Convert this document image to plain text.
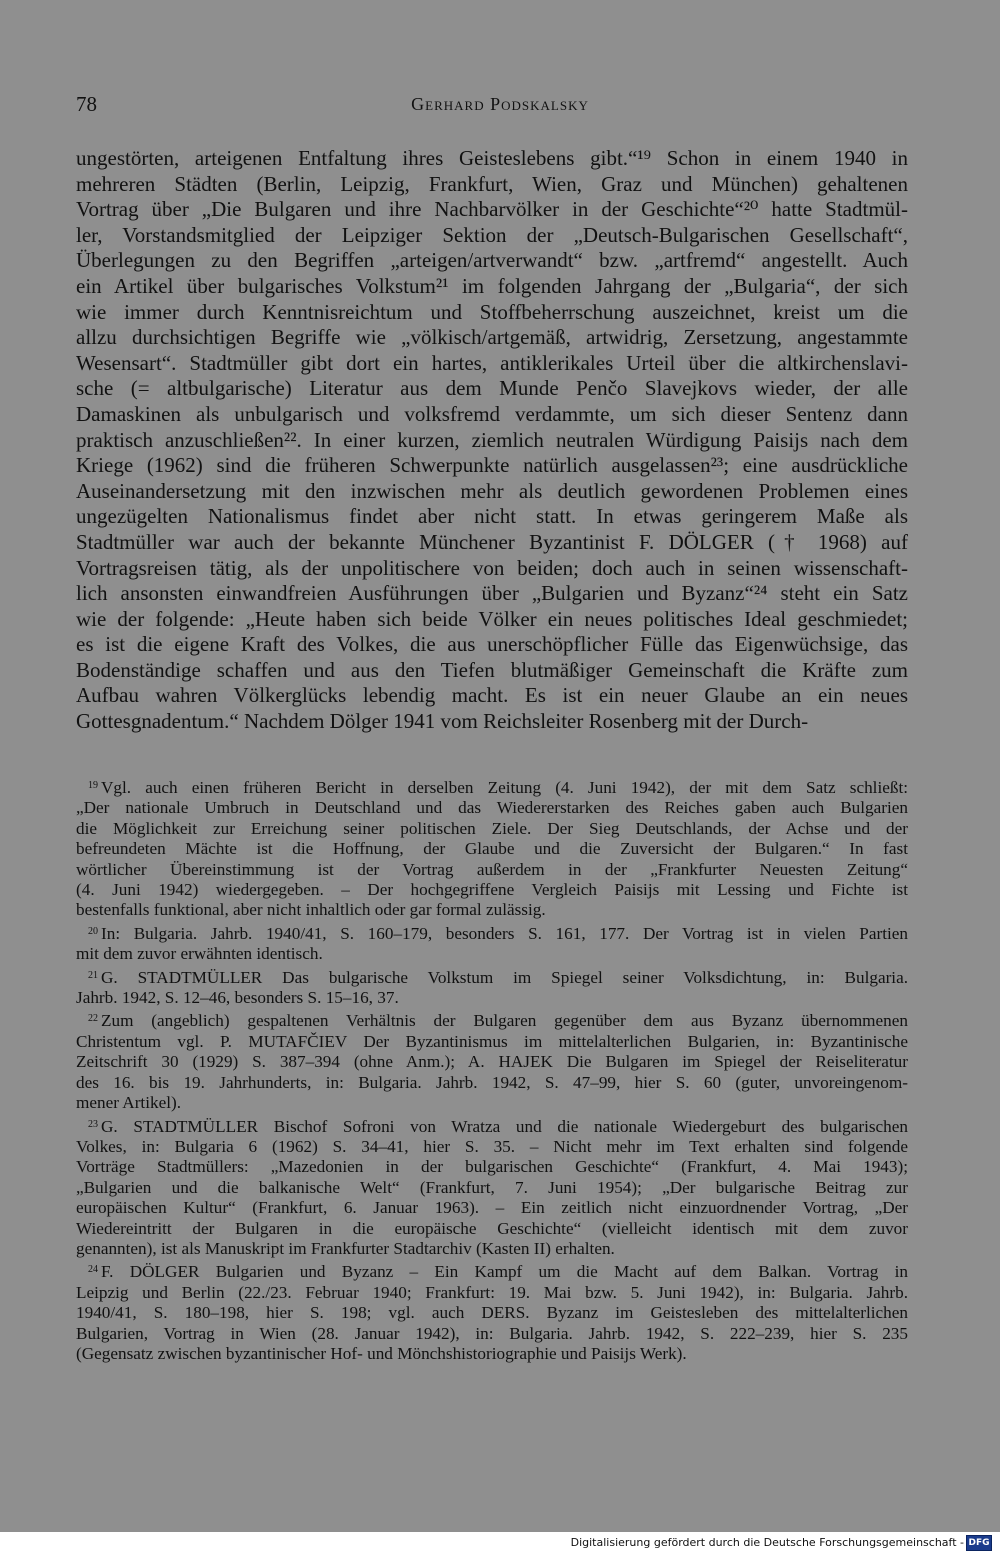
78	Gerhard Podskalsky

ungestörten, arteigenen Entfaltung ihres Geisteslebens gibt.“¹⁹ Schon in einem 1940 in
mehreren Städten (Berlin, Leipzig, Frankfurt, Wien, Graz und München) gehaltenen
Vortrag über „Die Bulgaren und ihre Nachbarvölker in der Geschichte“²⁰ hatte Stadtmül-
ler, Vorstandsmitglied der Leipziger Sektion der „Deutsch-Bulgarischen Gesellschaft“,
Überlegungen zu den Begriffen „arteigen/artverwandt“ bzw. „artfremd“ angestellt. Auch
ein Artikel über bulgarisches Volkstum²¹ im folgenden Jahrgang der „Bulgaria“, der sich
wie immer durch Kenntnisreichtum und Stoffbeherrschung auszeichnet, kreist um die
allzu durchsichtigen Begriffe wie „völkisch/artgemäß, artwidrig, Zersetzung, angestammte
Wesensart“. Stadtmüller gibt dort ein hartes, antiklerikales Urteil über die altkirchenslavi-
sche (= altbulgarische) Literatur aus dem Munde Penčo Slavejkovs wieder, der alle
Damaskinen als unbulgarisch und volksfremd verdammte, um sich dieser Sentenz dann
praktisch anzuschließen²². In einer kurzen, ziemlich neutralen Würdigung Paisijs nach dem
Kriege (1962) sind die früheren Schwerpunkte natürlich ausgelassen²³; eine ausdrückliche
Auseinandersetzung mit den inzwischen mehr als deutlich gewordenen Problemen eines
ungezügelten Nationalismus findet aber nicht statt. In etwas geringerem Maße als
Stadtmüller war auch der bekannte Münchener Byzantinist F. DÖLGER († 1968) auf
Vortragsreisen tätig, als der unpolitischere von beiden; doch auch in seinen wissenschaft-
lich ansonsten einwandfreien Ausführungen über „Bulgarien und Byzanz“²⁴ steht ein Satz
wie der folgende: „Heute haben sich beide Völker ein neues politisches Ideal geschmiedet;
es ist die eigene Kraft des Volkes, die aus unerschöpflicher Fülle das Eigenwüchsige, das
Bodenständige schaffen und aus den Tiefen blutmäßiger Gemeinschaft die Kräfte zum
Aufbau wahren Völkerglücks lebendig macht. Es ist ein neuer Glaube an ein neues
Gottesgnadentum.“ Nachdem Dölger 1941 vom Reichsleiter Rosenberg mit der Durch-

$^{19}$ Vgl. auch einen früheren Bericht in derselben Zeitung (4. Juni 1942), der mit dem Satz schließt:
„Der nationale Umbruch in Deutschland und das Wiedererstarken des Reiches gaben auch Bulgarien
die Möglichkeit zur Erreichung seiner politischen Ziele. Der Sieg Deutschlands, der Achse und der
befreundeten Mächte ist die Hoffnung, der Glaube und die Zuversicht der Bulgaren.“ In fast
wörtlicher Übereinstimmung ist der Vortrag außerdem in der „Frankfurter Neuesten Zeitung“
(4. Juni 1942) wiedergegeben. – Der hochgegriffene Vergleich Paisijs mit Lessing und Fichte ist
bestenfalls funktional, aber nicht inhaltlich oder gar formal zulässig.
$^{20}$ In: Bulgaria. Jahrb. 1940/41, S. 160–179, besonders S. 161, 177. Der Vortrag ist in vielen Partien
mit dem zuvor erwähnten identisch.
$^{21}$ G. STADTMÜLLER Das bulgarische Volkstum im Spiegel seiner Volksdichtung, in: Bulgaria.
Jahrb. 1942, S. 12–46, besonders S. 15–16, 37.
$^{22}$ Zum (angeblich) gespaltenen Verhältnis der Bulgaren gegenüber dem aus Byzanz übernommenen
Christentum vgl. P. MUTAFČIEV Der Byzantinismus im mittelalterlichen Bulgarien, in: Byzantinische
Zeitschrift 30 (1929) S. 387–394 (ohne Anm.); A. HAJEK Die Bulgaren im Spiegel der Reiseliteratur
des 16. bis 19. Jahrhunderts, in: Bulgaria. Jahrb. 1942, S. 47–99, hier S. 60 (guter, unvoreingenom-
mener Artikel).
$^{23}$ G. STADTMÜLLER Bischof Sofroni von Wratza und die nationale Wiedergeburt des bulgarischen
Volkes, in: Bulgaria 6 (1962) S. 34–41, hier S. 35. – Nicht mehr im Text erhalten sind folgende
Vorträge Stadtmüllers: „Mazedonien in der bulgarischen Geschichte“ (Frankfurt, 4. Mai 1943);
„Bulgarien und die balkanische Welt“ (Frankfurt, 7. Juni 1954); „Der bulgarische Beitrag zur
europäischen Kultur“ (Frankfurt, 6. Januar 1963). – Ein zeitlich nicht einzuordnender Vortrag, „Der
Wiedereintritt der Bulgaren in die europäische Geschichte“ (vielleicht identisch mit dem zuvor
genannten), ist als Manuskript im Frankfurter Stadtarchiv (Kasten II) erhalten.
$^{24}$ F. DÖLGER Bulgarien und Byzanz – Ein Kampf um die Macht auf dem Balkan. Vortrag in
Leipzig und Berlin (22./23. Februar 1940; Frankfurt: 19. Mai bzw. 5. Juni 1942), in: Bulgaria. Jahrb.
1940/41, S. 180–198, hier S. 198; vgl. auch DERS. Byzanz im Geistesleben des mittelalterlichen
Bulgarien, Vortrag in Wien (28. Januar 1942), in: Bulgaria. Jahrb. 1942, S. 222–239, hier S. 235
(Gegensatz zwischen byzantinischer Hof- und Mönchshistoriographie und Paisijs Werk).
Digitalisierung gefördert durch die Deutsche Forschungsgemeinschaft - DFG
